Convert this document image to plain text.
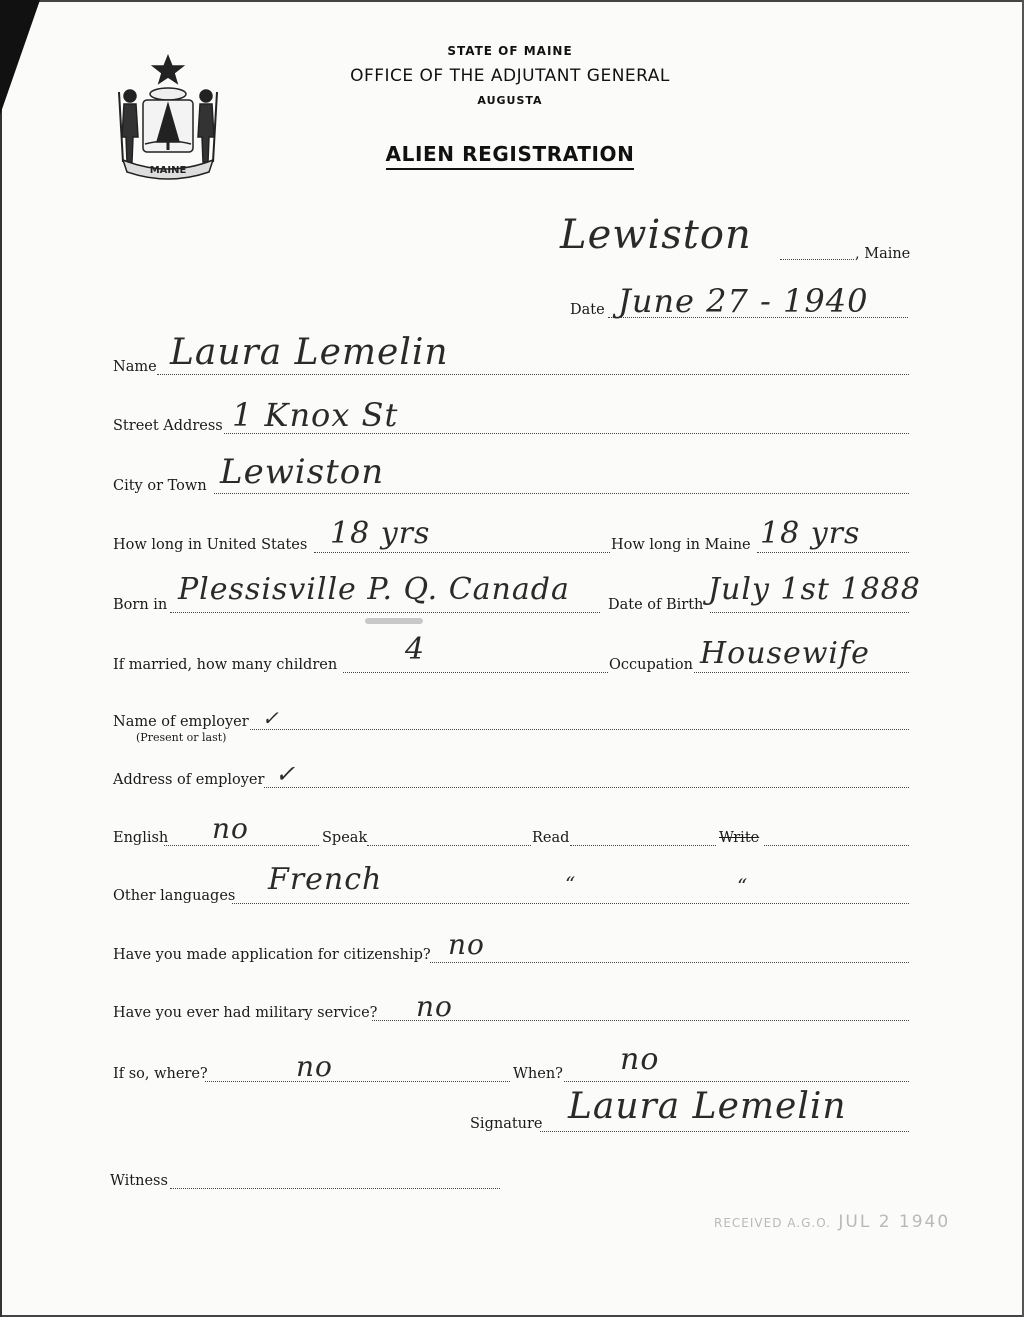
MAINE
STATE OF MAINE
OFFICE OF THE ADJUTANT GENERAL
AUGUSTA
ALIEN REGISTRATION
Lewiston	, Maine
Date June 27 - 1940
Name Laura Lemelin
Street Address 1 Knox St
City or Town Lewiston
How long in United States 18 yrs	How long in Maine 18 yrs
Born in Plessisville P. Q. Canada	Date of Birth July 1st 1888
If married, how many children 4	Occupation Housewife
Name of employer
(Present or last)
✓
Address of employer ✓
English no	Speak	Read	Write
Other languages French	“	“
Have you made application for citizenship? no
Have you ever had military service? no
If so, where?	no	When? no
Signature Laura Lemelin
Witness
RECEIVED A.G.O. JUL 2 1940
